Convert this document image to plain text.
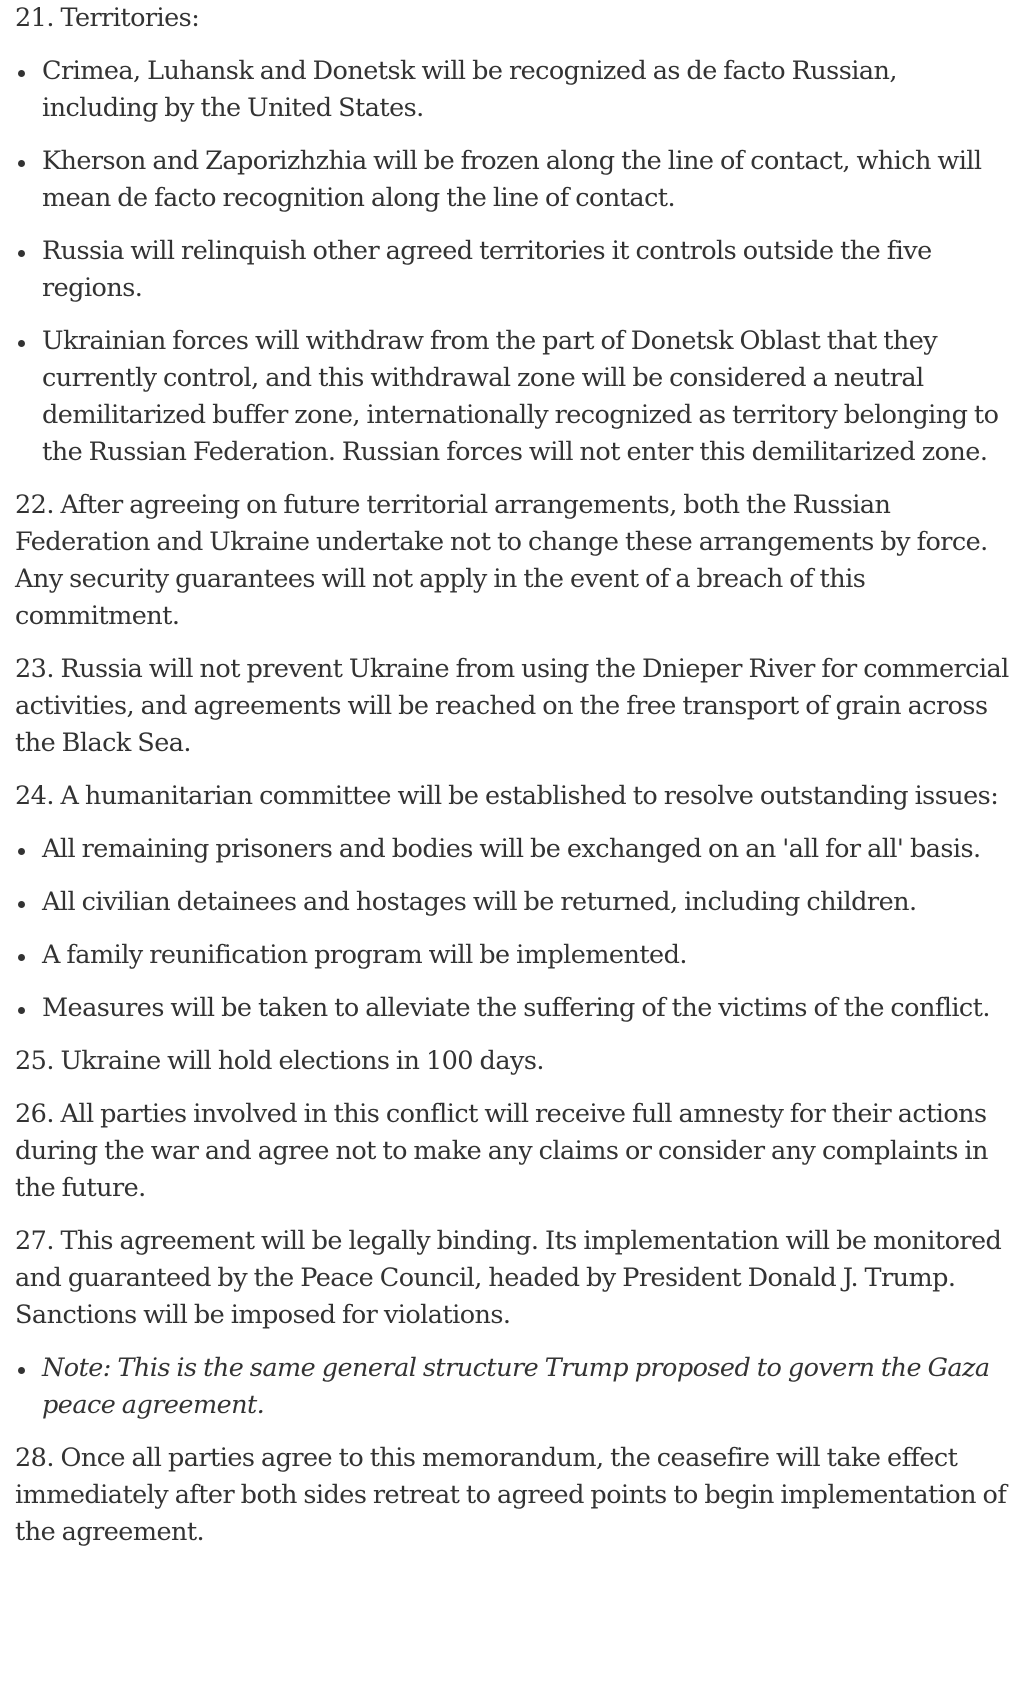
21. Territories:

Crimea, Luhansk and Donetsk will be recognized as de facto Russian, including by the United States.
Kherson and Zaporizhzhia will be frozen along the line of contact, which will mean de facto recognition along the line of contact.
Russia will relinquish other agreed territories it controls outside the five regions.
Ukrainian forces will withdraw from the part of Donetsk Oblast that they currently control, and this withdrawal zone will be considered a neutral demilitarized buffer zone, internationally recognized as territory belonging to the Russian Federation. Russian forces will not enter this demilitarized zone.

22. After agreeing on future territorial arrangements, both the Russian Federation and Ukraine undertake not to change these arrangements by force. Any security guarantees will not apply in the event of a breach of this commitment.

23. Russia will not prevent Ukraine from using the Dnieper River for commercial activities, and agreements will be reached on the free transport of grain across the Black Sea.

24. A humanitarian committee will be established to resolve outstanding issues:

All remaining prisoners and bodies will be exchanged on an 'all for all' basis.
All civilian detainees and hostages will be returned, including children.
A family reunification program will be implemented.
Measures will be taken to alleviate the suffering of the victims of the conflict.

25. Ukraine will hold elections in 100 days.

26. All parties involved in this conflict will receive full amnesty for their actions during the war and agree not to make any claims or consider any complaints in the future.

27. This agreement will be legally binding. Its implementation will be monitored and guaranteed by the Peace Council, headed by President Donald J. Trump. Sanctions will be imposed for violations.

Note: This is the same general structure Trump proposed to govern the Gaza peace agreement.

28. Once all parties agree to this memorandum, the ceasefire will take effect immediately after both sides retreat to agreed points to begin implementation of the agreement.
